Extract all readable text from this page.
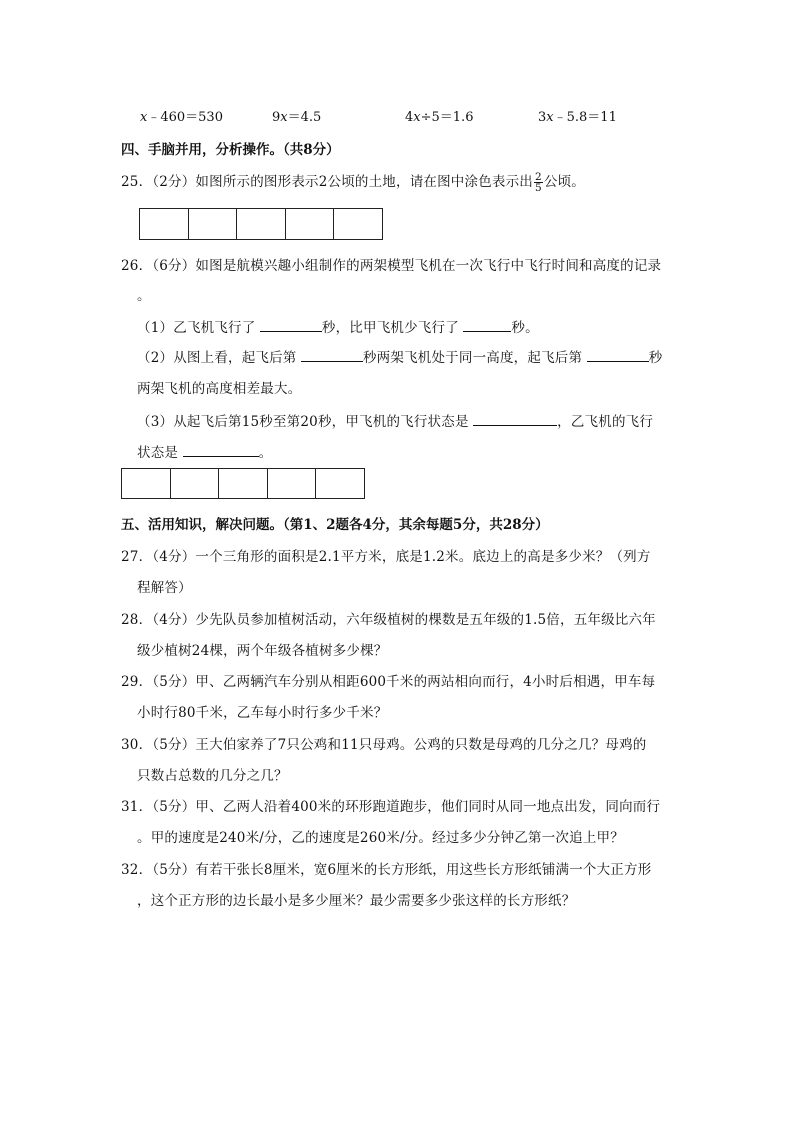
x﹣460＝530	9x＝4.5	4x÷5＝1.6	3x﹣5.8＝11
四、手脑并用，分析操作。（共8分）
25．（2分）如图所示的图形表示2公顷的土地，请在图中涂色表示出 $\frac{2}{5}$ 公顷。
26．（6分）如图是航模兴趣小组制作的两架模型飞机在一次飞行中飞行时间和高度的记录
。
（1）乙飞机飞行了	秒，比甲飞机少飞行了	秒。
（2）从图上看，起飞后第	秒两架飞机处于同一高度，起飞后第	秒
两架飞机的高度相差最大。
（3）从起飞后第15秒至第20秒，甲飞机的飞行状态是	，乙飞机的飞行
状态是	。
五、活用知识，解决问题。（第1、2题各4分，其余每题5分，共28分）
27．（4分）一个三角形的面积是2.1平方米，底是1.2米。底边上的高是多少米？（列方
程解答）
28．（4分）少先队员参加植树活动，六年级植树的棵数是五年级的1.5倍，五年级比六年
级少植树24棵，两个年级各植树多少棵？
29．（5分）甲、乙两辆汽车分别从相距600千米的两站相向而行，4小时后相遇，甲车每
小时行80千米，乙车每小时行多少千米？
30．（5分）王大伯家养了7只公鸡和11只母鸡。公鸡的只数是母鸡的几分之几？母鸡的
只数占总数的几分之几？
31．（5分）甲、乙两人沿着400米的环形跑道跑步，他们同时从同一地点出发，同向而行
。甲的速度是240米/分，乙的速度是260米/分。经过多少分钟乙第一次追上甲？
32．（5分）有若干张长8厘米，宽6厘米的长方形纸，用这些长方形纸铺满一个大正方形
，这个正方形的边长最小是多少厘米？最少需要多少张这样的长方形纸？
